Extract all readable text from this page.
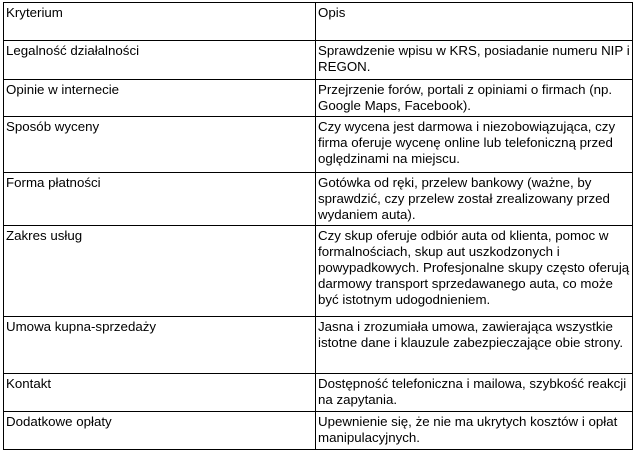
Kryterium	Opis
Legalność działalności	Sprawdzenie wpisu w KRS, posiadanie numeru NIP i REGON.
Opinie w internecie	Przejrzenie forów, portali z opiniami o firmach (np. Google Maps, Facebook).
Sposób wyceny	Czy wycena jest darmowa i niezobowiązująca, czy firma oferuje wycenę online lub telefoniczną przed oględzinami na miejscu.
Forma płatności	Gotówka od ręki, przelew bankowy (ważne, by sprawdzić, czy przelew został zrealizowany przed wydaniem auta).
Zakres usług	Czy skup oferuje odbiór auta od klienta, pomoc w formalnościach, skup aut uszkodzonych i powypadkowych. Profesjonalne skupy często oferują darmowy transport sprzedawanego auta, co może być istotnym udogodnieniem.
Umowa kupna-sprzedaży	Jasna i zrozumiała umowa, zawierająca wszystkie istotne dane i klauzule zabezpieczające obie strony.
Kontakt	Dostępność telefoniczna i mailowa, szybkość reakcji na zapytania.
Dodatkowe opłaty	Upewnienie się, że nie ma ukrytych kosztów i opłat manipulacyjnych.
